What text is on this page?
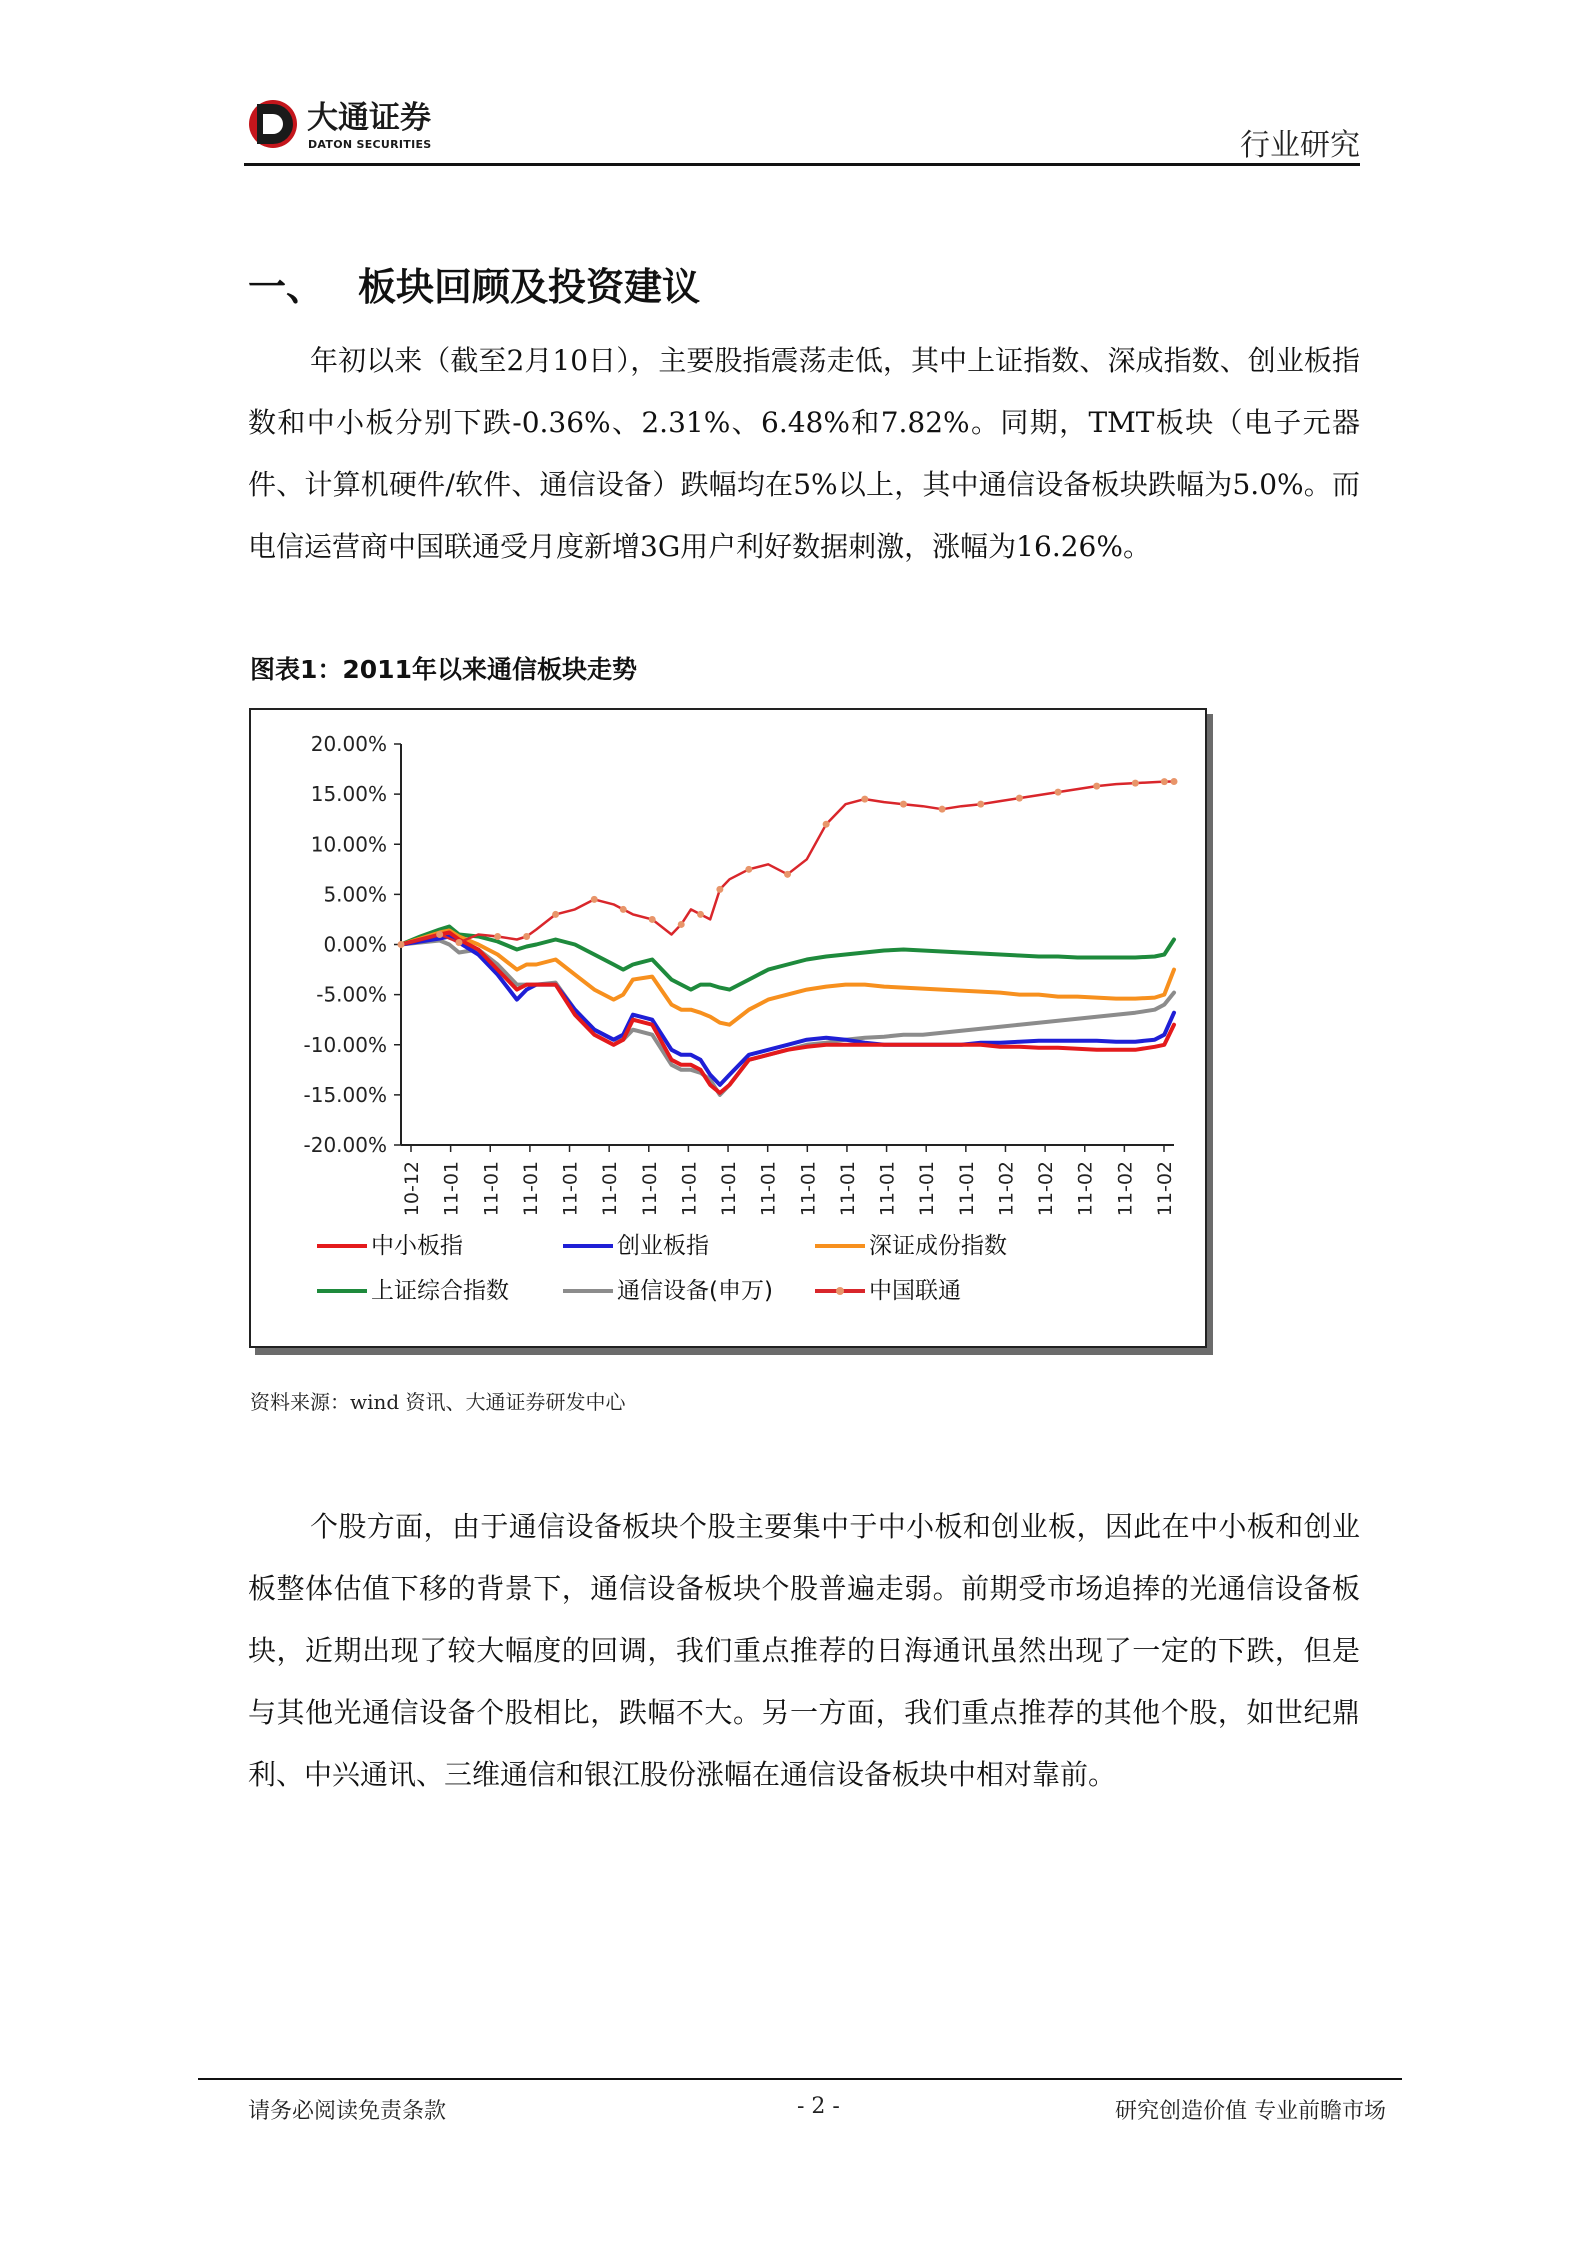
大通证券
DATON SECURITIES	行业研究
一、 板块回顾及投资建议

年初以来（截至2月10日），主要股指震荡走低，其中上证指数、深成指数、创业板指数和中小板分别下跌-0.36%、2.31%、6.48%和7.82%。同期，TMT板块（电子元器件、计算机硬件/软件、通信设备）跌幅均在5%以上，其中通信设备板块跌幅为5.0%。而电信运营商中国联通受月度新增3G用户利好数据刺激，涨幅为16.26%。

图表1：2011年以来通信板块走势
20.00%
15.00%
10.00%
5.00%
0.00%
-5.00%
-10.00%
-15.00%
-20.00%
10-12 11-01 11-01 11-01 11-01 11-01 11-01 11-01 11-01 11-01 11-01 11-01 11-01 11-01 11-01 11-02 11-02 11-02 11-02 11-02
中小板指	创业板指	深证成份指数
上证综合指数	通信设备(申万)	中国联通
资料来源：wind 资讯、大通证券研发中心

个股方面，由于通信设备板块个股主要集中于中小板和创业板，因此在中小板和创业板整体估值下移的背景下，通信设备板块个股普遍走弱。前期受市场追捧的光通信设备板块，近期出现了较大幅度的回调，我们重点推荐的日海通讯虽然出现了一定的下跌，但是与其他光通信设备个股相比，跌幅不大。另一方面，我们重点推荐的其他个股，如世纪鼎利、中兴通讯、三维通信和银江股份涨幅在通信设备板块中相对靠前。

请务必阅读免责条款	- 2 -	研究创造价值 专业前瞻市场
